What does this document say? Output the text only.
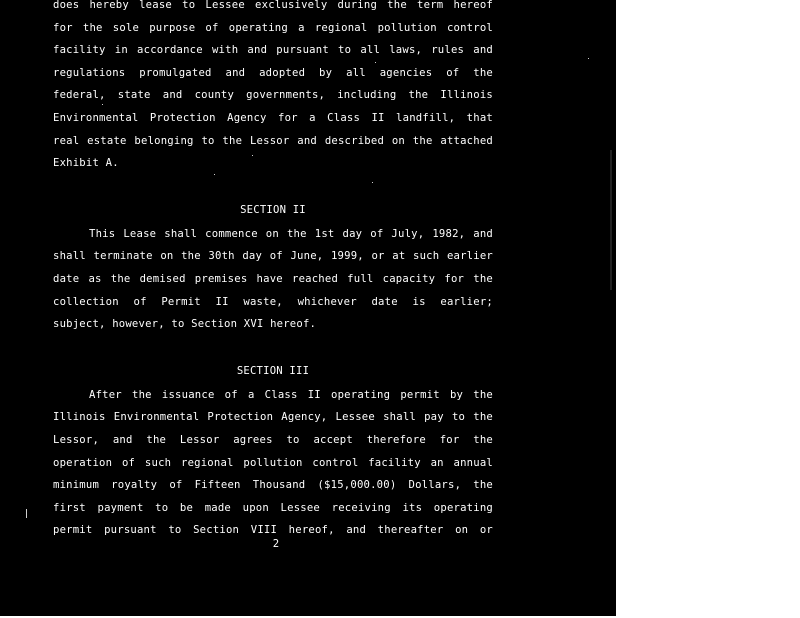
does hereby lease to Lessee exclusively during the term hereof
for the sole purpose of operating a regional pollution control
facility in accordance with and pursuant to all laws, rules and
regulations promulgated and adopted by all agencies of the
federal, state and county governments, including the Illinois
Environmental Protection Agency for a Class II landfill, that
real estate belonging to the Lessor and described on the attached
Exhibit A.
SECTION II
This Lease shall commence on the 1st day of July, 1982, and
shall terminate on the 30th day of June, 1999, or at such earlier
date as the demised premises have reached full capacity for the
collection of Permit II waste, whichever date is earlier;
subject, however, to Section XVI hereof.
SECTION III
After the issuance of a Class II operating permit by the
Illinois Environmental Protection Agency, Lessee shall pay to the
Lessor, and the Lessor agrees to accept therefore for the
operation of such regional pollution control facility an annual
minimum royalty of Fifteen Thousand ($15,000.00) Dollars, the
first payment to be made upon Lessee receiving its operating
permit pursuant to Section VIII hereof, and thereafter on or
2
